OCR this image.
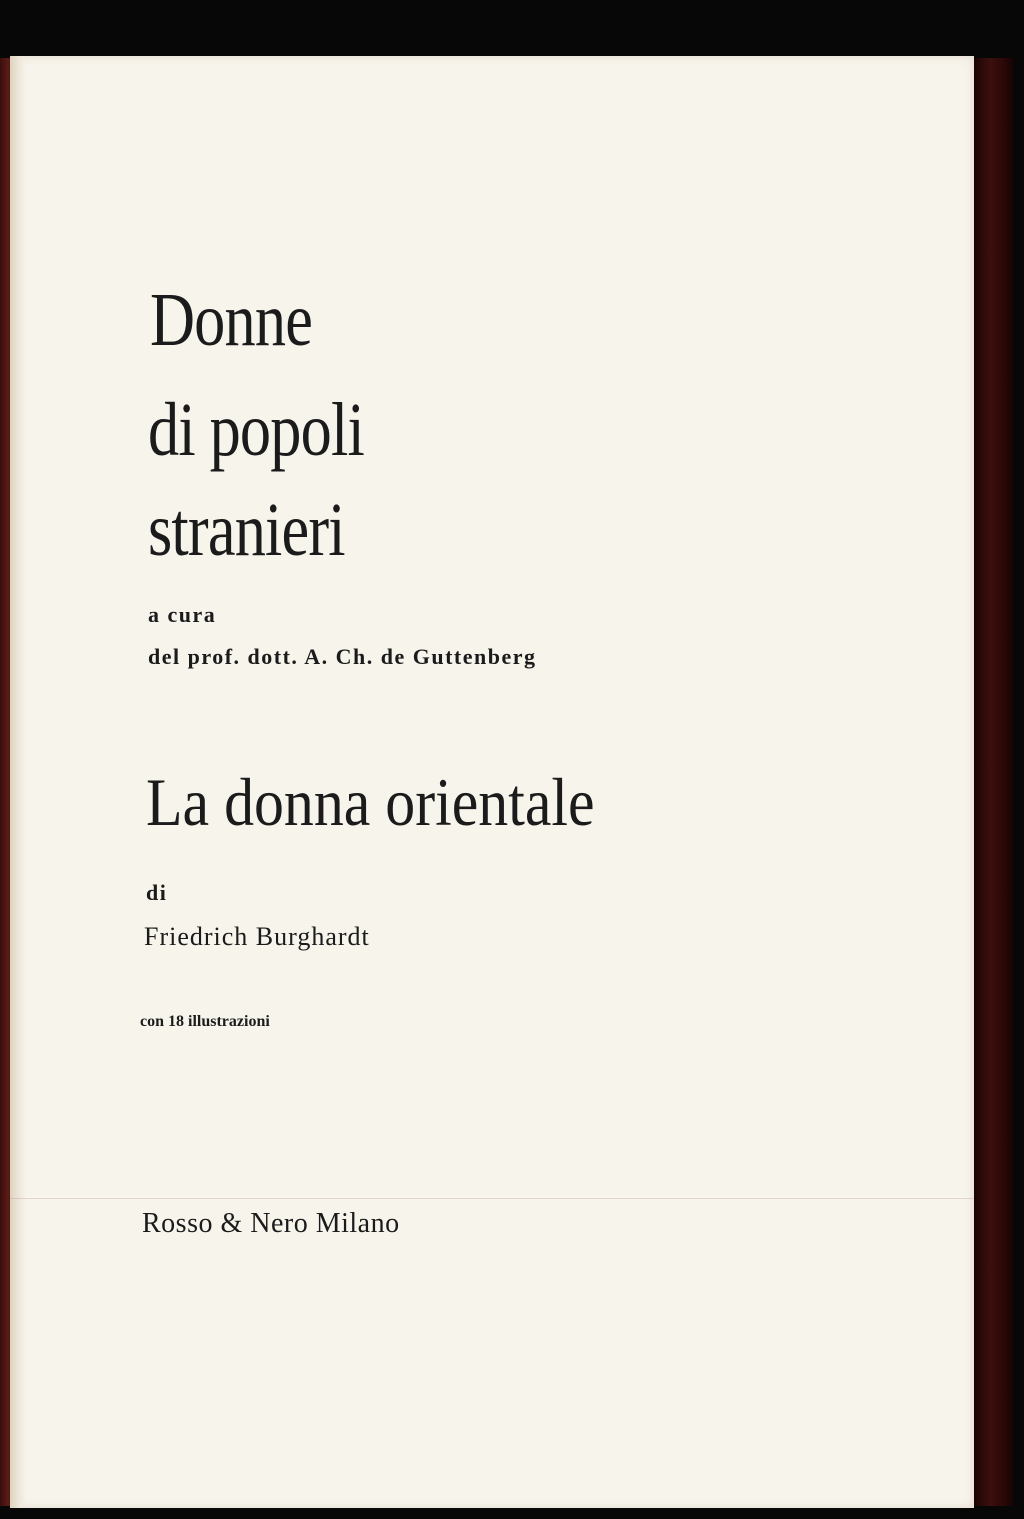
Donne

di popoli

stranieri

a cura

del prof. dott. A. Ch. de Guttenberg

La donna orientale

di

Friedrich Burghardt

con 18 illustrazioni

Rosso & Nero Milano
